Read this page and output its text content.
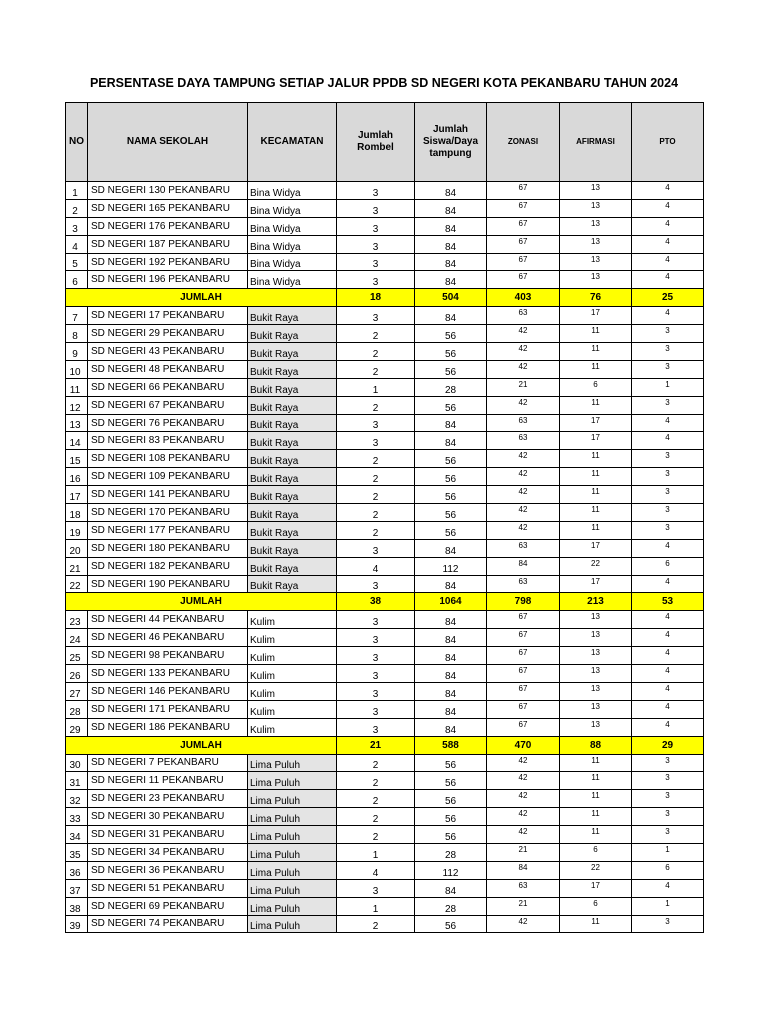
PERSENTASE DAYA TAMPUNG SETIAP JALUR PPDB SD NEGERI KOTA PEKANBARU TAHUN 2024
NO	NAMA SEKOLAH	KECAMATAN	Jumlah Rombel	Jumlah Siswa/Daya tampung	ZONASI	AFIRMASI	PTO
1	SD NEGERI 130 PEKANBARU	Bina Widya	3	84	67	13	4
2	SD NEGERI 165 PEKANBARU	Bina Widya	3	84	67	13	4
3	SD NEGERI 176 PEKANBARU	Bina Widya	3	84	67	13	4
4	SD NEGERI 187 PEKANBARU	Bina Widya	3	84	67	13	4
5	SD NEGERI 192 PEKANBARU	Bina Widya	3	84	67	13	4
6	SD NEGERI 196 PEKANBARU	Bina Widya	3	84	67	13	4
JUMLAH			18	504	403	76	25
7	SD NEGERI 17 PEKANBARU	Bukit Raya	3	84	63	17	4
8	SD NEGERI 29 PEKANBARU	Bukit Raya	2	56	42	11	3
9	SD NEGERI 43 PEKANBARU	Bukit Raya	2	56	42	11	3
10	SD NEGERI 48 PEKANBARU	Bukit Raya	2	56	42	11	3
11	SD NEGERI 66 PEKANBARU	Bukit Raya	1	28	21	6	1
12	SD NEGERI 67 PEKANBARU	Bukit Raya	2	56	42	11	3
13	SD NEGERI 76 PEKANBARU	Bukit Raya	3	84	63	17	4
14	SD NEGERI 83 PEKANBARU	Bukit Raya	3	84	63	17	4
15	SD NEGERI 108 PEKANBARU	Bukit Raya	2	56	42	11	3
16	SD NEGERI 109 PEKANBARU	Bukit Raya	2	56	42	11	3
17	SD NEGERI 141 PEKANBARU	Bukit Raya	2	56	42	11	3
18	SD NEGERI 170 PEKANBARU	Bukit Raya	2	56	42	11	3
19	SD NEGERI 177 PEKANBARU	Bukit Raya	2	56	42	11	3
20	SD NEGERI 180 PEKANBARU	Bukit Raya	3	84	63	17	4
21	SD NEGERI 182 PEKANBARU	Bukit Raya	4	112	84	22	6
22	SD NEGERI 190 PEKANBARU	Bukit Raya	3	84	63	17	4
JUMLAH			38	1064	798	213	53
23	SD NEGERI 44 PEKANBARU	Kulim	3	84	67	13	4
24	SD NEGERI 46 PEKANBARU	Kulim	3	84	67	13	4
25	SD NEGERI 98 PEKANBARU	Kulim	3	84	67	13	4
26	SD NEGERI 133 PEKANBARU	Kulim	3	84	67	13	4
27	SD NEGERI 146 PEKANBARU	Kulim	3	84	67	13	4
28	SD NEGERI 171 PEKANBARU	Kulim	3	84	67	13	4
29	SD NEGERI 186 PEKANBARU	Kulim	3	84	67	13	4
JUMLAH			21	588	470	88	29
30	SD NEGERI 7 PEKANBARU	Lima Puluh	2	56	42	11	3
31	SD NEGERI 11 PEKANBARU	Lima Puluh	2	56	42	11	3
32	SD NEGERI 23 PEKANBARU	Lima Puluh	2	56	42	11	3
33	SD NEGERI 30 PEKANBARU	Lima Puluh	2	56	42	11	3
34	SD NEGERI 31 PEKANBARU	Lima Puluh	2	56	42	11	3
35	SD NEGERI 34 PEKANBARU	Lima Puluh	1	28	21	6	1
36	SD NEGERI 36 PEKANBARU	Lima Puluh	4	112	84	22	6
37	SD NEGERI 51 PEKANBARU	Lima Puluh	3	84	63	17	4
38	SD NEGERI 69 PEKANBARU	Lima Puluh	1	28	21	6	1
39	SD NEGERI 74 PEKANBARU	Lima Puluh	2	56	42	11	3
